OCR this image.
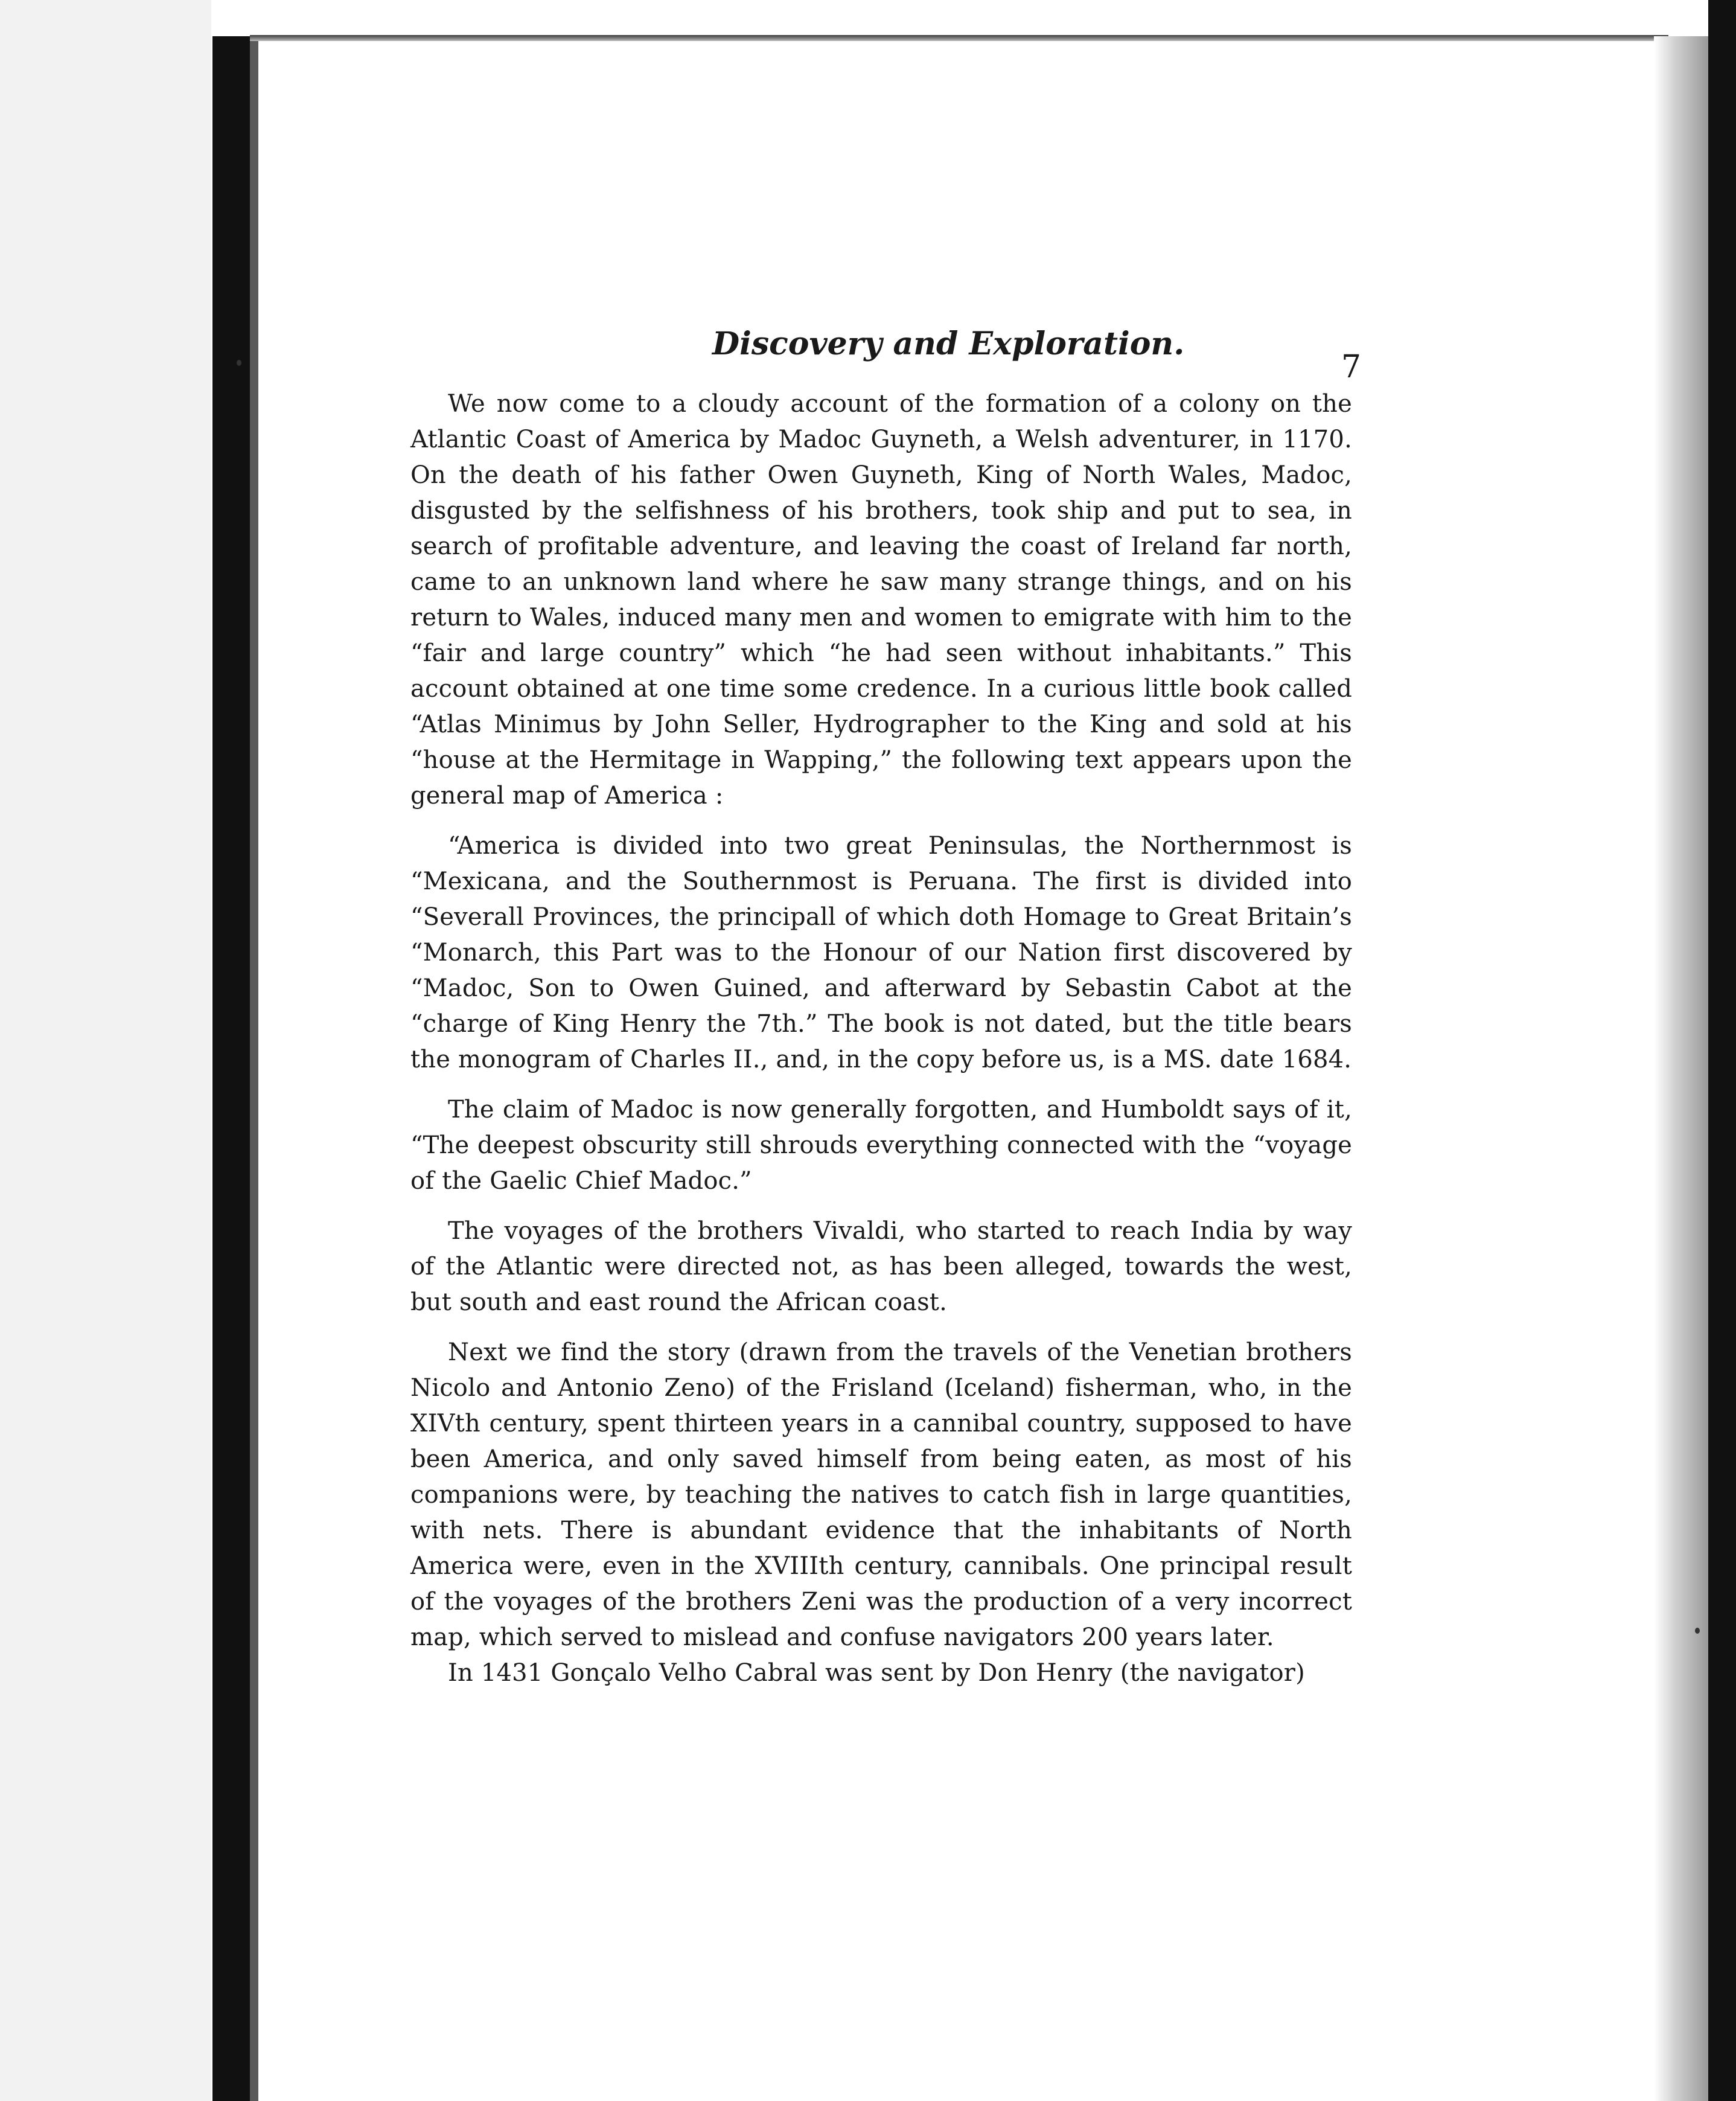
Discovery and Exploration.
7

We now come to a cloudy account of the formation of a colony on the Atlantic Coast of America by Madoc Guyneth, a Welsh adventurer, in 1170. On the death of his father Owen Guyneth, King of North Wales, Madoc, disgusted by the selfishness of his brothers, took ship and put to sea, in search of profitable adventure, and leaving the coast of Ireland far north, came to an unknown land where he saw many strange things, and on his return to Wales, induced many men and women to emigrate with him to the “fair and large country” which “he had seen without inhabitants.” This account obtained at one time some credence. In a curious little book called “Atlas Minimus by John Seller, Hydrographer to the King and sold at his “house at the Hermitage in Wapping,” the following text appears upon the general map of America :

“America is divided into two great Peninsulas, the Northernmost is “Mexicana, and the Southernmost is Peruana. The first is divided into “Severall Provinces, the principall of which doth Homage to Great Britain’s “Monarch, this Part was to the Honour of our Nation first discovered by “Madoc, Son to Owen Guined, and afterward by Sebastin Cabot at the “charge of King Henry the 7th.” The book is not dated, but the title bears the monogram of Charles II., and, in the copy before us, is a MS. date 1684.

The claim of Madoc is now generally forgotten, and Humboldt says of it, “The deepest obscurity still shrouds everything connected with the “voyage of the Gaelic Chief Madoc.”

The voyages of the brothers Vivaldi, who started to reach India by way of the Atlantic were directed not, as has been alleged, towards the west, but south and east round the African coast.

Next we find the story (drawn from the travels of the Venetian brothers Nicolo and Antonio Zeno) of the Frisland (Iceland) fisherman, who, in the XIVth century, spent thirteen years in a cannibal country, supposed to have been America, and only saved himself from being eaten, as most of his companions were, by teaching the natives to catch fish in large quantities, with nets. There is abundant evidence that the inhabitants of North America were, even in the XVIIIth century, cannibals. One principal result of the voyages of the brothers Zeni was the production of a very incorrect map, which served to mislead and confuse navigators 200 years later.

In 1431 Gonçalo Velho Cabral was sent by Don Henry (the navigator)
